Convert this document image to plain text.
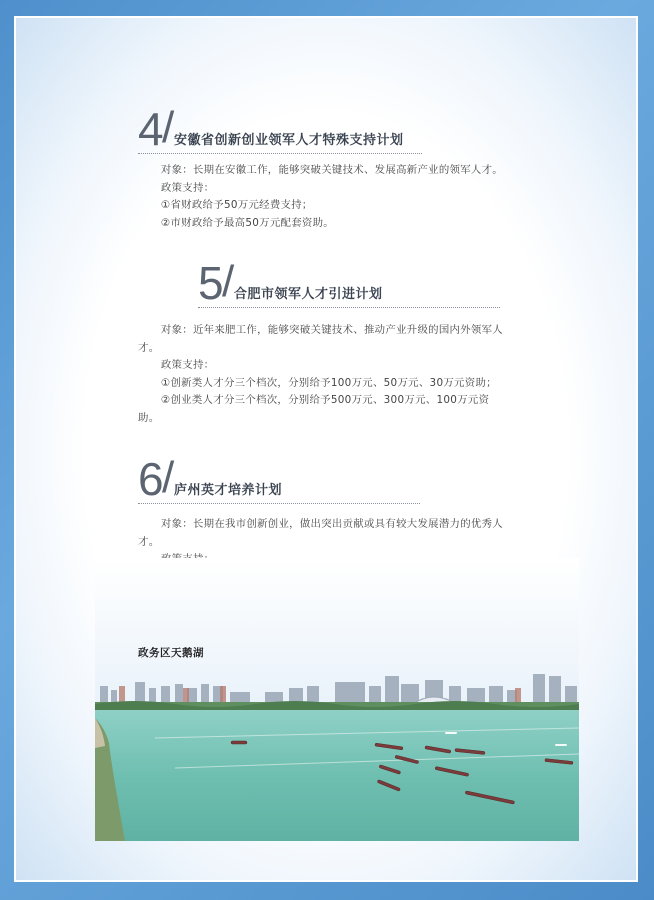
4
/ 安徽省创新创业领军人才特殊支持计划

对象：长期在安徽工作，能够突破关键技术、发展高新产业的领军人才。

政策支持：

①省财政给予50万元经费支持；

②市财政给予最高50万元配套资助。

5
/ 合肥市领军人才引进计划

对象：近年来肥工作，能够突破关键技术、推动产业升级的国内外领军人才。

政策支持：

①创新类人才分三个档次，分别给予100万元、50万元、30万元资助；

②创业类人才分三个档次，分别给予500万元、300万元、100万元资助。

6
/ 庐州英才培养计划

对象：长期在我市创新创业，做出突出贡献或具有较大发展潜力的优秀人才。

政务区天鹅湖
